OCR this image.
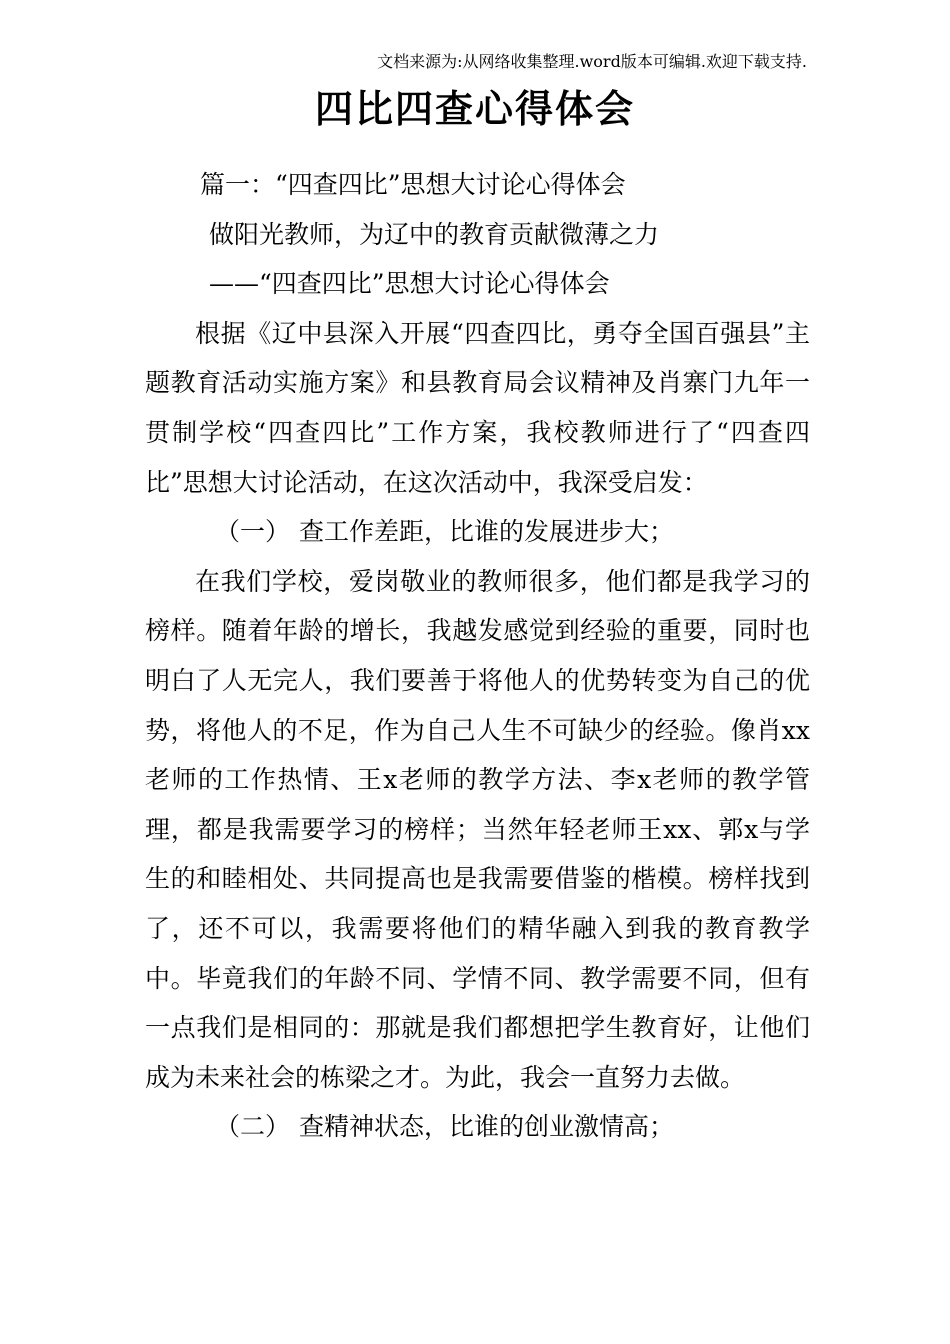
文档来源为:从网络收集整理.word版本可编辑.欢迎下载支持.
四比四查心得体会

篇一：“四查四比”思想大讨论心得体会

做阳光教师，为辽中的教育贡献微薄之力

——“四查四比”思想大讨论心得体会

根据《辽中县深入开展“四查四比，勇夺全国百强县”主题教育活动实施方案》和县教育局会议精神及肖寨门九年一贯制学校“四查四比”工作方案，我校教师进行了“四查四比”思想大讨论活动，在这次活动中，我深受启发：

（一） 查工作差距，比谁的发展进步大；

在我们学校，爱岗敬业的教师很多，他们都是我学习的榜样。随着年龄的增长，我越发感觉到经验的重要，同时也明白了人无完人，我们要善于将他人的优势转变为自己的优势，将他人的不足，作为自己人生不可缺少的经验。像肖xx老师的工作热情、王x老师的教学方法、李x老师的教学管理，都是我需要学习的榜样；当然年轻老师王xx、郭x与学生的和睦相处、共同提高也是我需要借鉴的楷模。榜样找到了，还不可以，我需要将他们的精华融入到我的教育教学中。毕竟我们的年龄不同、学情不同、教学需要不同，但有一点我们是相同的：那就是我们都想把学生教育好，让他们成为未来社会的栋梁之才。为此，我会一直努力去做。

（二） 查精神状态，比谁的创业激情高；
